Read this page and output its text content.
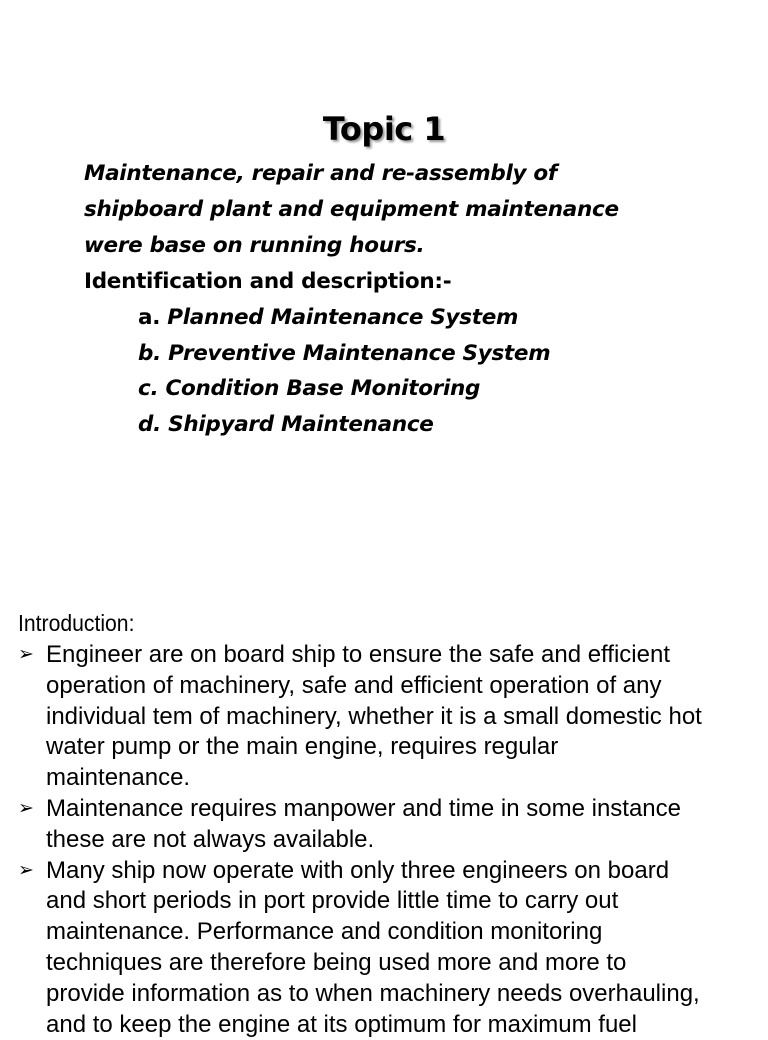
Topic 1
Maintenance, repair and re-assembly of
shipboard plant and equipment maintenance
were base on running hours.
Identification and description:-
a. Planned Maintenance System
b. Preventive Maintenance System
c. Condition Base Monitoring
d. Shipyard Maintenance
Introduction:
➢ Engineer are on board ship to ensure the safe and efficient
operation of machinery, safe and efficient operation of any
individual tem of machinery, whether it is a small domestic hot
water pump or the main engine, requires regular
maintenance.
➢ Maintenance requires manpower and time in some instance
these are not always available.
➢ Many ship now operate with only three engineers on board
and short periods in port provide little time to carry out
maintenance. Performance and condition monitoring
techniques are therefore being used more and more to
provide information as to when machinery needs overhauling,
and to keep the engine at its optimum for maximum fuel
